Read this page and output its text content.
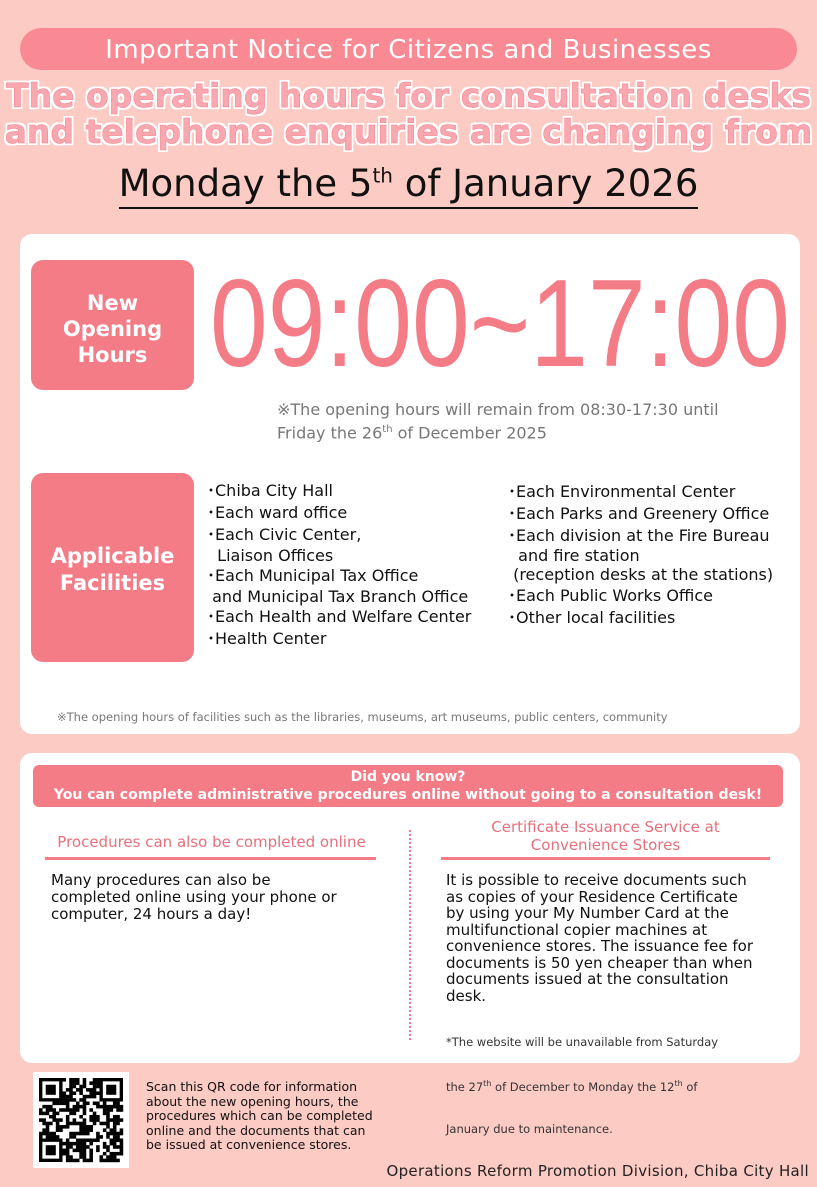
Important Notice for Citizens and Businesses
The operating hours for consultation desks
and telephone enquiries are changing from
Monday the 5th of January 2026
New
Opening
Hours 09:00~17:00
※The opening hours will remain from 08:30-17:30 until
Friday the 26th of December 2025
Applicable
Facilities
･Chiba City Hall
･Each ward office
･Each Civic Center,
Liaison Offices
･Each Municipal Tax Office
and Municipal Tax Branch Office
･Each Health and Welfare Center
･Health Center
･Each Environmental Center
･Each Parks and Greenery Office
･Each division at the Fire Bureau
and fire station
(reception desks at the stations)
･Each Public Works Office
･Other local facilities

※The opening hours of facilities such as the libraries, museums, art museums, public centers, community

Did you know?
You can complete administrative procedures online without going to a consultation desk!
Procedures can also be completed online
Certificate Issuance Service at
Convenience Stores
Many procedures can also be
completed online using your phone or
computer, 24 hours a day!
It is possible to receive documents such
as copies of your Residence Certificate
by using your My Number Card at the
multifunctional copier machines at
convenience stores. The issuance fee for
documents is 50 yen cheaper than when
documents issued at the consultation
desk.

*The website will be unavailable from Saturday

the 27th of December to Monday the 12th of

January due to maintenance.

Scan this QR code for information
about the new opening hours, the
procedures which can be completed
online and the documents that can
be issued at convenience stores.
Operations Reform Promotion Division, Chiba City Hall
